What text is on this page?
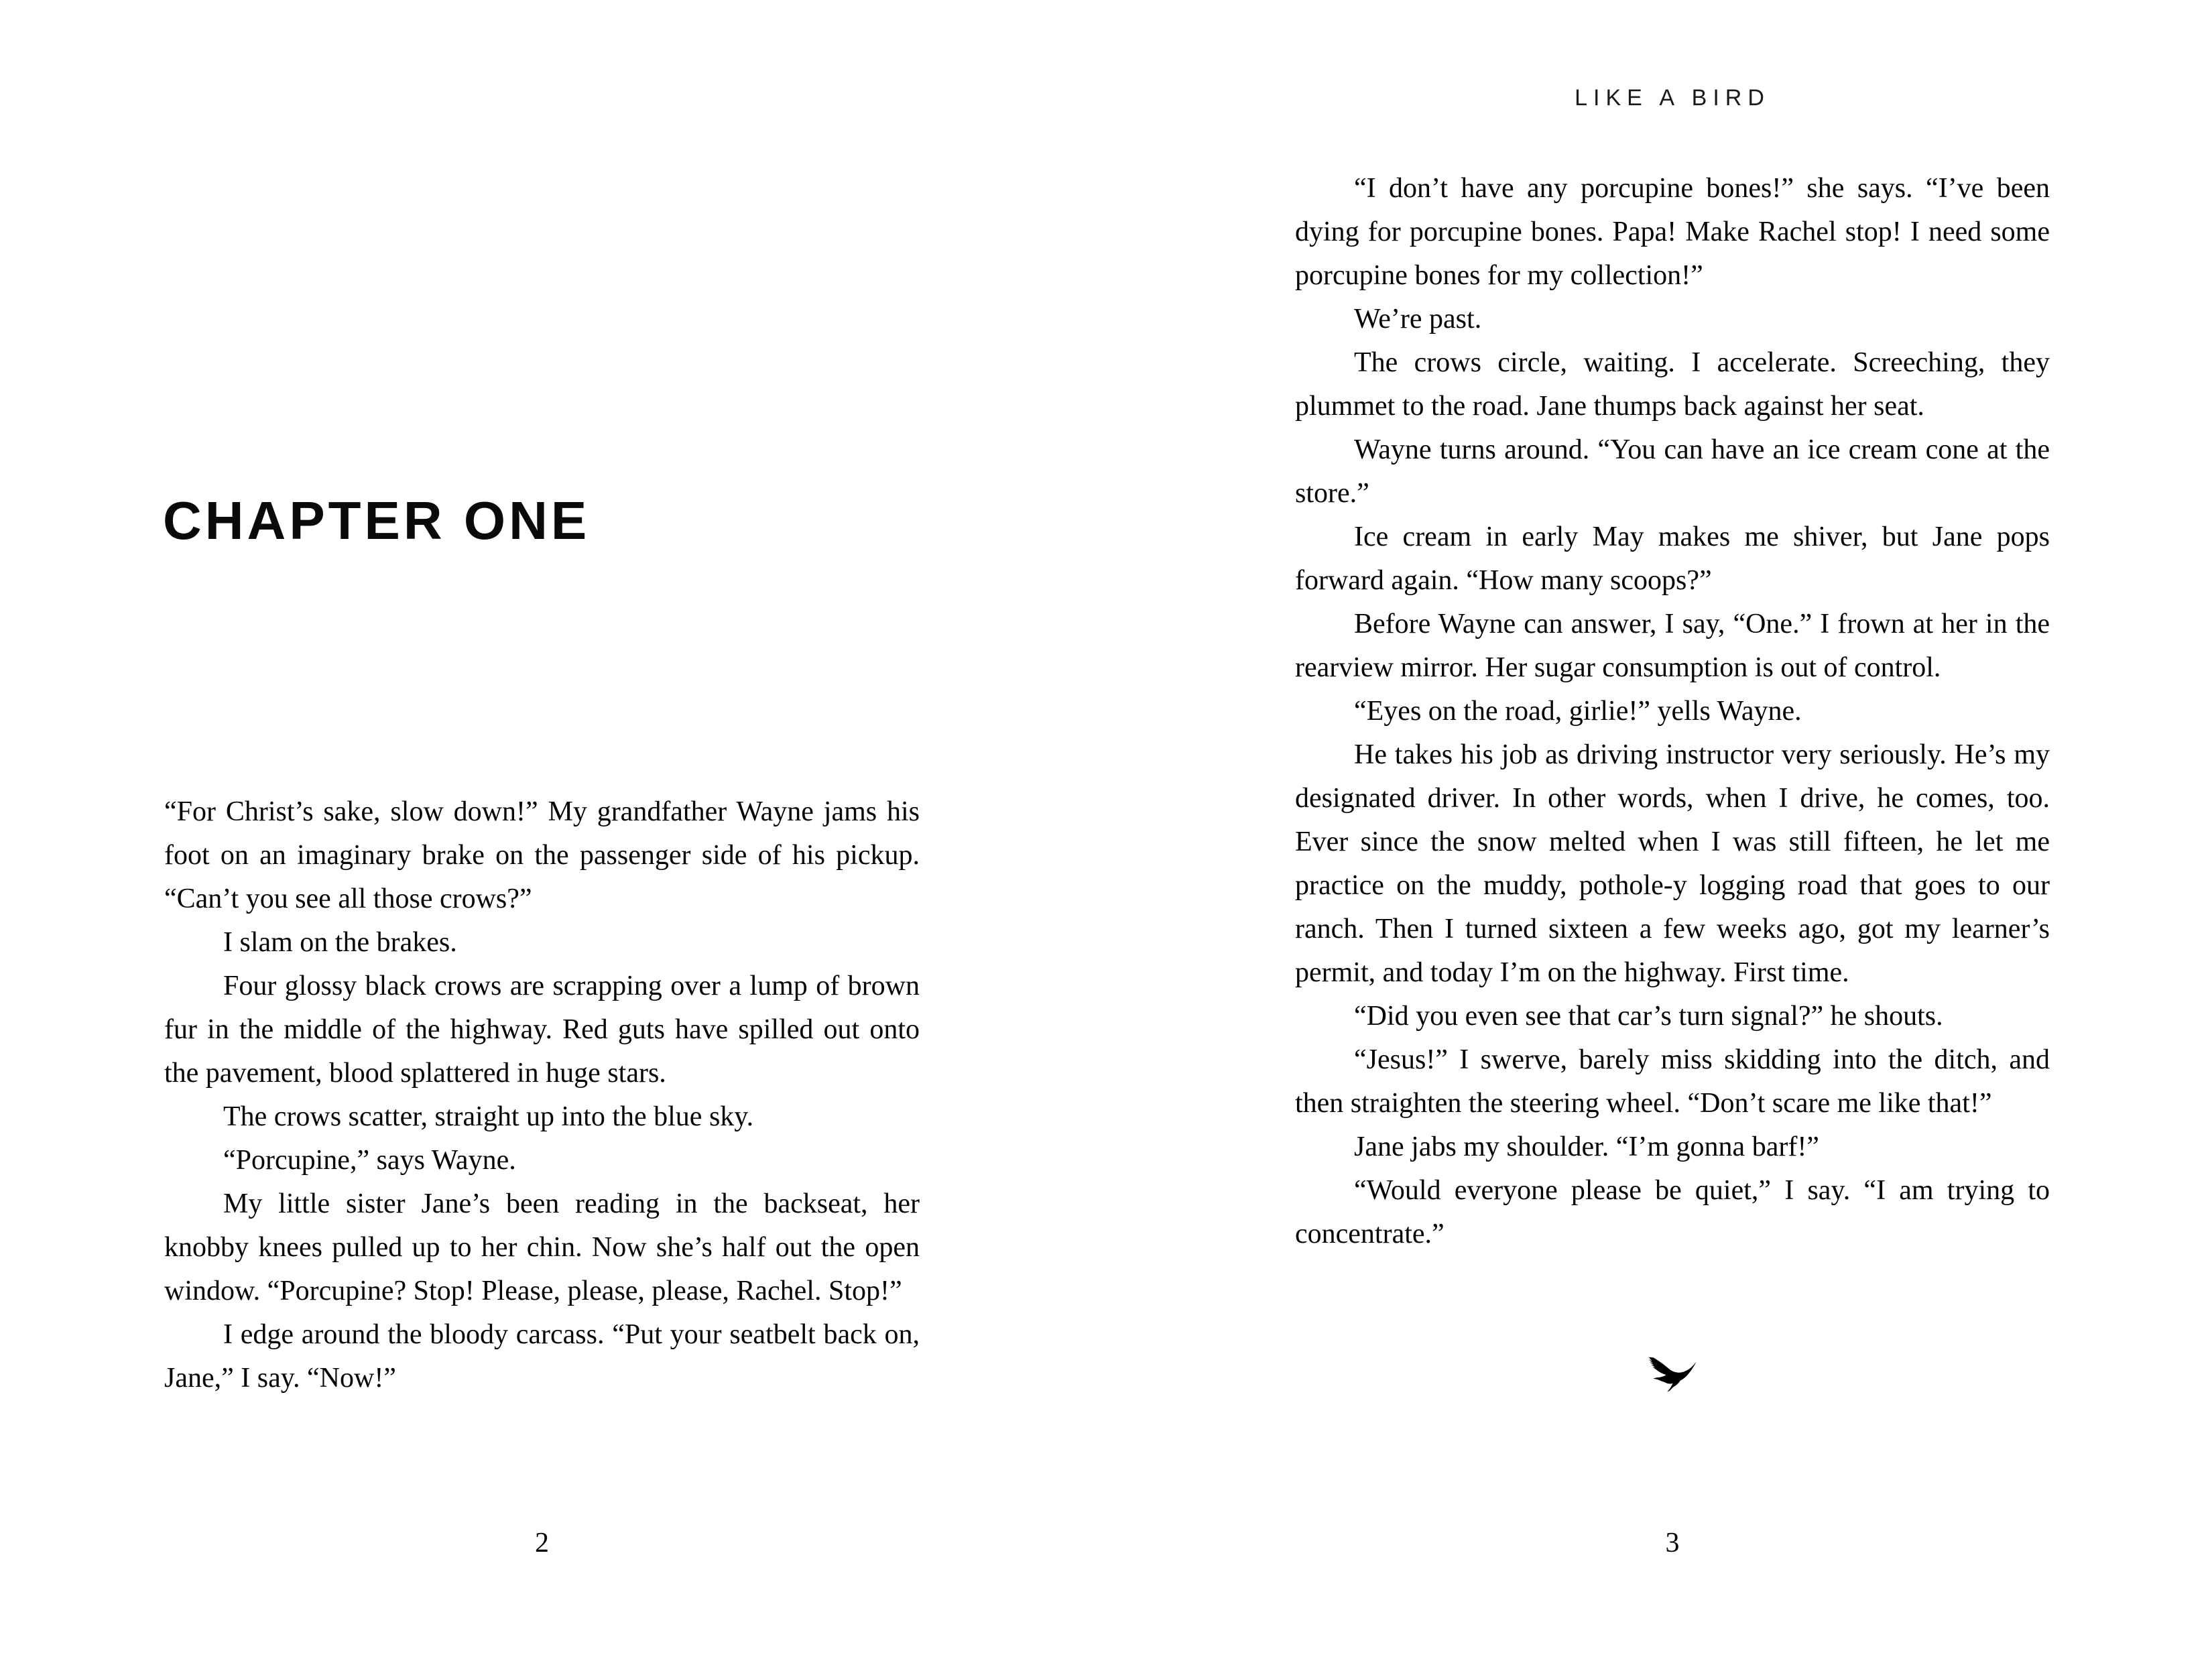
CHAPTER ONE

“For Christ’s sake, slow down!” My grandfather Wayne jams his foot on an imaginary brake on the passenger side of his pickup. “Can’t you see all those crows?”

I slam on the brakes.

Four glossy black crows are scrapping over a lump of brown fur in the middle of the highway. Red guts have spilled out onto the pavement, blood splattered in huge stars.

The crows scatter, straight up into the blue sky.

“Porcupine,” says Wayne.

My little sister Jane’s been reading in the backseat, her knobby knees pulled up to her chin. Now she’s half out the open window. “Porcupine? Stop! Please, please, please, Rachel. Stop!”

I edge around the bloody carcass. “Put your seatbelt back on, Jane,” I say. “Now!”

2
LIKE A BIRD

“I don’t have any porcupine bones!” she says. “I’ve been dying for porcupine bones. Papa! Make Rachel stop! I need some porcupine bones for my collection!”

We’re past.

The crows circle, waiting. I accelerate. Screeching, they plummet to the road. Jane thumps back against her seat.

Wayne turns around. “You can have an ice cream cone at the store.”

Ice cream in early May makes me shiver, but Jane pops forward again. “How many scoops?”

Before Wayne can answer, I say, “One.” I frown at her in the rearview mirror. Her sugar consumption is out of control.

“Eyes on the road, girlie!” yells Wayne.

He takes his job as driving instructor very seriously. He’s my designated driver. In other words, when I drive, he comes, too. Ever since the snow melted when I was still fifteen, he let me practice on the muddy, pothole-y logging road that goes to our ranch. Then I turned sixteen a few weeks ago, got my learner’s permit, and today I’m on the highway. First time.

“Did you even see that car’s turn signal?” he shouts.

“Jesus!” I swerve, barely miss skidding into the ditch, and then straighten the steering wheel. “Don’t scare me like that!”

Jane jabs my shoulder. “I’m gonna barf!”

“Would everyone please be quiet,” I say. “I am trying to concentrate.”

3
